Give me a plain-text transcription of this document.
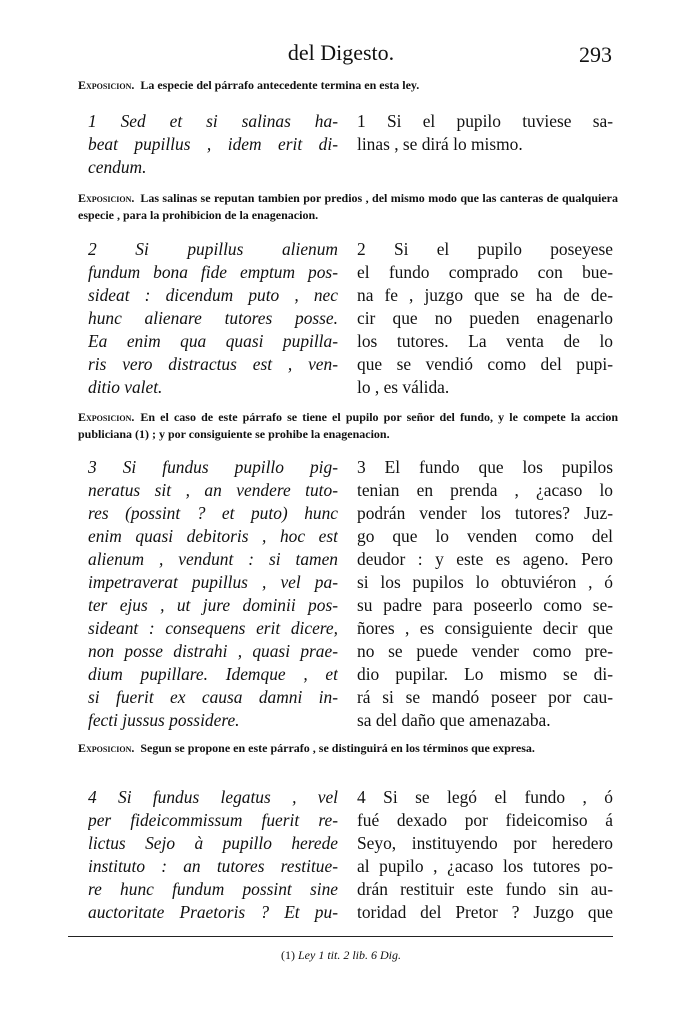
del Digesto.	293
Exposicion. La especie del párrafo antecedente termina en esta ley.
1 Sed et si salinas ha-
beat pupillus , idem erit di-
cendum.
1 Si el pupilo tuviese sa-
linas , se dirá lo mismo.
Exposicion. Las salinas se reputan tambien por predios , del mismo modo que las canteras de qualquiera especie , para la prohibicion de la enagenacion.
2 Si pupillus alienum
fundum bona fide emptum pos-
sideat : dicendum puto , nec
hunc alienare tutores posse.
Ea enim qua quasi pupilla-
ris vero distractus est , ven-
ditio valet.
2 Si el pupilo poseyese
el fundo comprado con bue-
na fe , juzgo que se ha de de-
cir que no pueden enagenarlo
los tutores. La venta de lo
que se vendió como del pupi-
lo , es válida.
Exposicion. En el caso de este párrafo se tiene el pupilo por señor del fundo, y le compete la accion publiciana (1) ; y por consiguiente se prohibe la enagenacion.
3 Si fundus pupillo pig-
neratus sit , an vendere tuto-
res (possint ? et puto) hunc
enim quasi debitoris , hoc est
alienum , vendunt : si tamen
impetraverat pupillus , vel pa-
ter ejus , ut jure dominii pos-
sideant : consequens erit dicere,
non posse distrahi , quasi prae-
dium pupillare. Idemque , et
si fuerit ex causa damni in-
fecti jussus possidere.
3 El fundo que los pupilos
tenian en prenda , ¿acaso lo
podrán vender los tutores? Juz-
go que lo venden como del
deudor : y este es ageno. Pero
si los pupilos lo obtuviéron , ó
su padre para poseerlo como se-
ñores , es consiguiente decir que
no se puede vender como pre-
dio pupilar. Lo mismo se di-
rá si se mandó poseer por cau-
sa del daño que amenazaba.
Exposicion. Segun se propone en este párrafo , se distinguirá en los términos que expresa.
4 Si fundus legatus , vel
per fideicommissum fuerit re-
lictus Sejo à pupillo herede
instituto : an tutores restitue-
re hunc fundum possint sine
auctoritate Praetoris ? Et pu-
4 Si se legó el fundo , ó
fué dexado por fideicomiso á
Seyo, instituyendo por heredero
al pupilo , ¿acaso los tutores po-
drán restituir este fundo sin au-
toridad del Pretor ? Juzgo que
(1) Ley 1 tit. 2 lib. 6 Dig.
